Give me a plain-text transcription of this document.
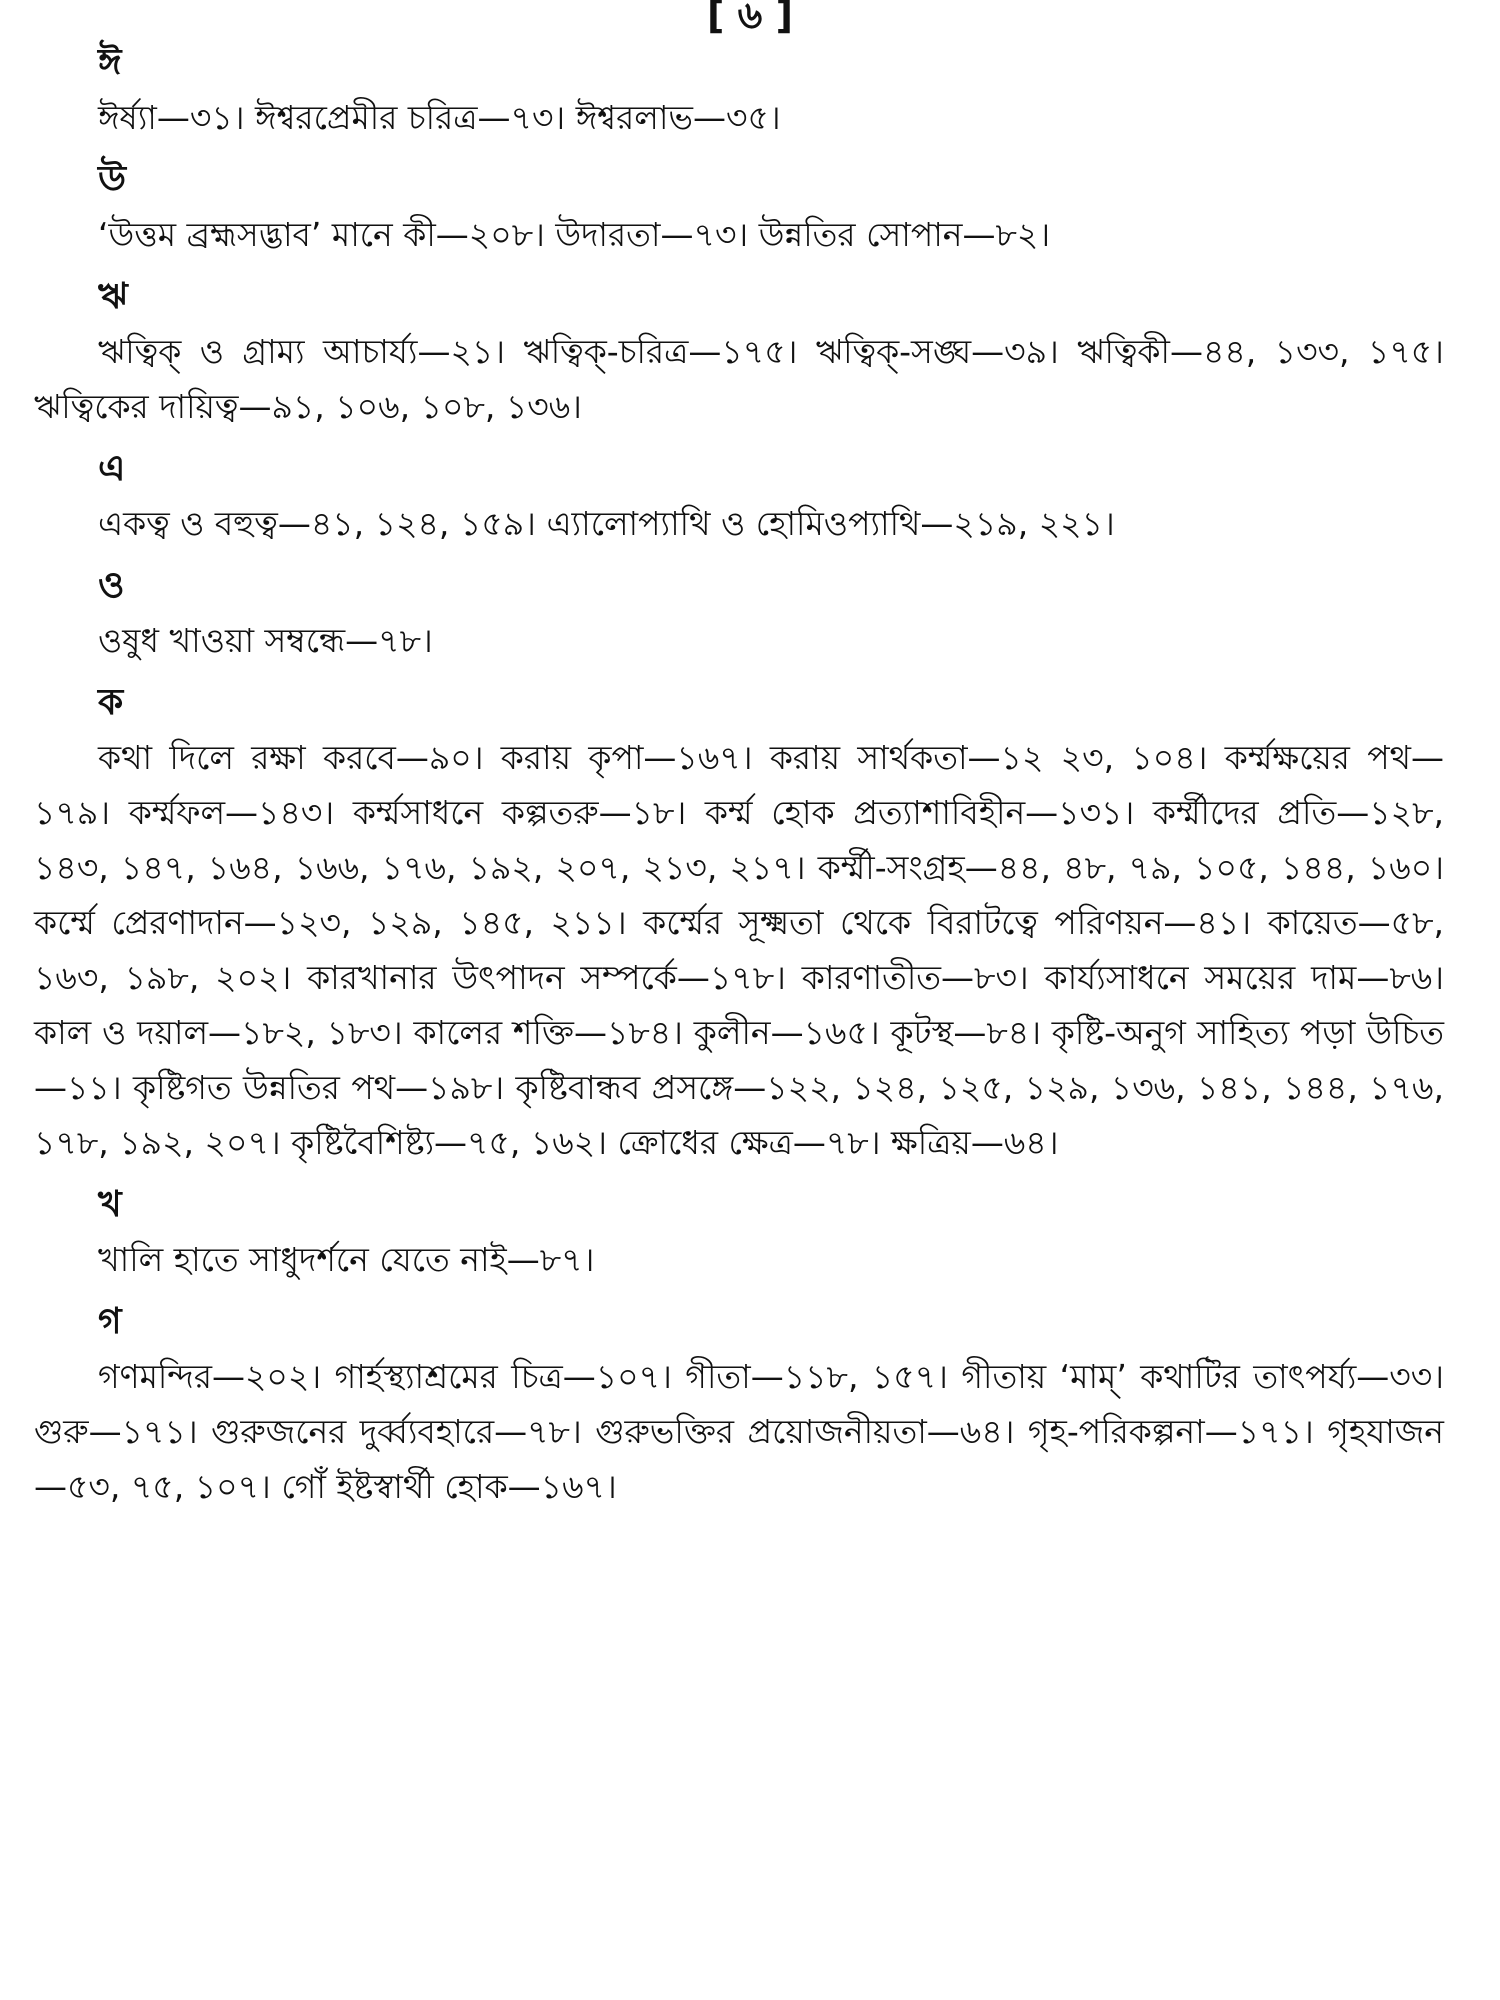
[ ৬ ]
ঈ

ঈর্ষ্যা—৩১। ঈশ্বরপ্রেমীর চরিত্র—৭৩। ঈশ্বরলাভ—৩৫।

উ

‘উত্তম ব্রহ্মসদ্ভাব’ মানে কী—২০৮। উদারতা—৭৩। উন্নতির সোপান—৮২।

ঋ

ঋত্বিক্ ও গ্রাম্য আচার্য্য—২১। ঋত্বিক্-চরিত্র—১৭৫। ঋত্বিক্-সঙ্ঘ—৩৯। ঋত্বিকী—৪৪, ১৩৩, ১৭৫। ঋত্বিকের দায়িত্ব—৯১, ১০৬, ১০৮, ১৩৬।

এ

একত্ব ও বহুত্ব—৪১, ১২৪, ১৫৯। এ্যালোপ্যাথি ও হোমিওপ্যাথি—২১৯, ২২১।

ও

ওষুধ খাওয়া সম্বন্ধে—৭৮।

ক

কথা দিলে রক্ষা করবে—৯০। করায় কৃপা—১৬৭। করায় সার্থকতা—১২ ২৩, ১০৪। কর্ম্মক্ষয়ের পথ—১৭৯। কর্ম্মফল—১৪৩। কর্ম্মসাধনে কল্পতরু—১৮। কর্ম্ম হোক প্রত্যাশাবিহীন—১৩১। কর্ম্মীদের প্রতি—১২৮, ১৪৩, ১৪৭, ১৬৪, ১৬৬, ১৭৬, ১৯২, ২০৭, ২১৩, ২১৭। কর্ম্মী-সংগ্রহ—৪৪, ৪৮, ৭৯, ১০৫, ১৪৪, ১৬০। কর্ম্মে প্রেরণাদান—১২৩, ১২৯, ১৪৫, ২১১। কর্ম্মের সূক্ষ্মতা থেকে বিরাটত্বে পরিণয়ন—৪১। কায়েত—৫৮, ১৬৩, ১৯৮, ২০২। কারখানার উৎপাদন সম্পর্কে—১৭৮। কারণাতীত—৮৩। কার্য্যসাধনে সময়ের দাম—৮৬। কাল ও দয়াল—১৮২, ১৮৩। কালের শক্তি—১৮৪। কুলীন—১৬৫। কূটস্থ—৮৪। কৃষ্টি-অনুগ সাহিত্য পড়া উচিত—১১। কৃষ্টিগত উন্নতির পথ—১৯৮। কৃষ্টিবান্ধব প্রসঙ্গে—১২২, ১২৪, ১২৫, ১২৯, ১৩৬, ১৪১, ১৪৪, ১৭৬, ১৭৮, ১৯২, ২০৭। কৃষ্টিবৈশিষ্ট্য—৭৫, ১৬২। ক্রোধের ক্ষেত্র—৭৮। ক্ষত্রিয়—৬৪।

খ

খালি হাতে সাধুদর্শনে যেতে নাই—৮৭।

গ

গণমন্দির—২০২। গার্হস্থ্যাশ্রমের চিত্র—১০৭। গীতা—১১৮, ১৫৭। গীতায় ‘মাম্’ কথাটির তাৎপর্য্য—৩৩। গুরু—১৭১। গুরুজনের দুর্ব্ব্যবহারে—৭৮। গুরুভক্তির প্রয়োজনীয়তা—৬৪। গৃহ-পরিকল্পনা—১৭১। গৃহযাজন—৫৩, ৭৫, ১০৭। গোঁ ইষ্টস্বার্থী হোক—১৬৭।
